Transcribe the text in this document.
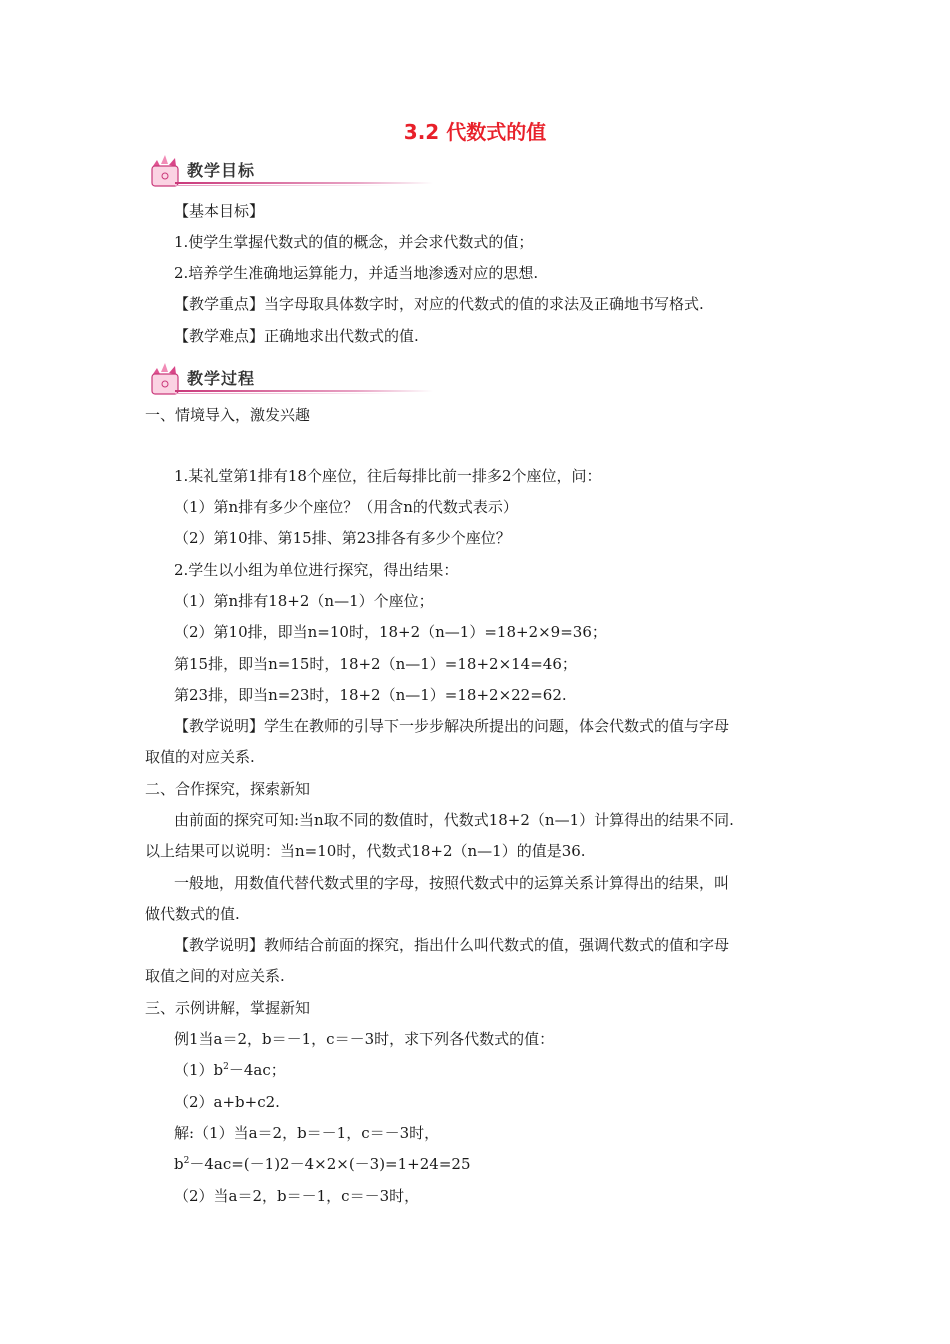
3.2 代数式的值
教学目标
教学过程
【基本目标】
1.使学生掌握代数式的值的概念，并会求代数式的值；
2.培养学生准确地运算能力，并适当地渗透对应的思想.
【教学重点】当字母取具体数字时，对应的代数式的值的求法及正确地书写格式.
【教学难点】正确地求出代数式的值.
一、情境导入，激发兴趣
1.某礼堂第1排有18个座位，往后每排比前一排多2个座位，问：
（1）第n排有多少个座位？（用含n的代数式表示）
（2）第10排、第15排、第23排各有多少个座位？
2.学生以小组为单位进行探究，得出结果：
（1）第n排有18+2（n—1）个座位；
（2）第10排，即当n=10时，18+2（n—1）=18+2×9=36；
第15排，即当n=15时，18+2（n—1）=18+2×14=46；
第23排，即当n=23时，18+2（n—1）=18+2×22=62.
【教学说明】学生在教师的引导下一步步解决所提出的问题，体会代数式的值与字母
取值的对应关系.
二、合作探究，探索新知
由前面的探究可知:当n取不同的数值时，代数式18+2（n—1）计算得出的结果不同.
以上结果可以说明：当n=10时，代数式18+2（n—1）的值是36.
一般地，用数值代替代数式里的字母，按照代数式中的运算关系计算得出的结果，叫
做代数式的值.
【教学说明】教师结合前面的探究，指出什么叫代数式的值，强调代数式的值和字母
取值之间的对应关系.
三、示例讲解，掌握新知
例1当a＝2，b＝－1，c＝－3时，求下列各代数式的值：
$(1)b^2-4ac$；
（2）a+b+c2.
解:（1）当a＝2，b＝－1，c＝－3时，
$b^2-4ac=(-1)2-4\times 2\times(-3)=1+24=25$
（2）当a＝2，b＝－1，c＝－3时，
